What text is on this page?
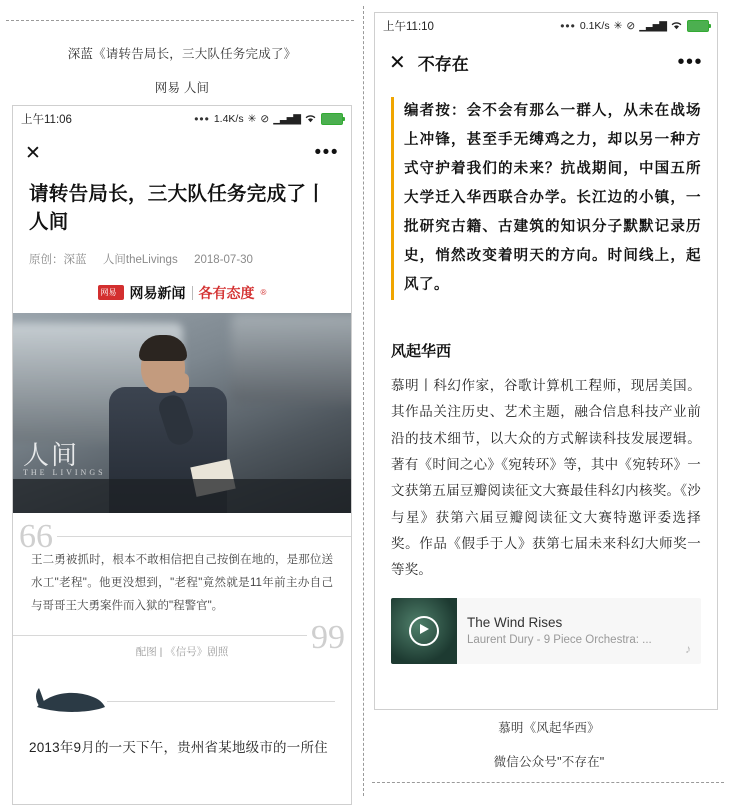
深蓝《请转告局长，三大队任务完成了》
网易 人间
上午11:06	••• 1.4K/s ✳ ⊘ ▁▃▅▇
✕	•••
请转告局长，三大队任务完成了丨人间
原创：深蓝 人间theLivings 2018-07-30
网易
网易新闻 各有态度 ®
人间
THE LIVINGS
66
王二勇被抓时，根本不敢相信把自己按倒在地的，是那位送水工"老程"。他更没想到，"老程"竟然就是11年前主办自己与哥哥王大勇案件而入狱的"程警官"。
99
配图 | 《信号》剧照
2013年9月的一天下午，贵州省某地级市的一所住
上午11:10	••• 0.1K/s ✳ ⊘ ▁▃▅▇
✕ 不存在	•••
编者按：会不会有那么一群人，从未在战场上冲锋，甚至手无缚鸡之力，却以另一种方式守护着我们的未来？抗战期间，中国五所大学迁入华西联合办学。长江边的小镇，一批研究古籍、古建筑的知识分子默默记录历史，悄然改变着明天的方向。时间线上，起风了。
风起华西
慕明丨科幻作家，谷歌计算机工程师，现居美国。其作品关注历史、艺术主题，融合信息科技产业前沿的技术细节，以大众的方式解读科技发展逻辑。著有《时间之心》《宛转环》等，其中《宛转环》一文获第五届豆瓣阅读征文大赛最佳科幻内核奖。《沙与星》获第六届豆瓣阅读征文大赛特邀评委选择奖。作品《假手于人》获第七届未来科幻大师奖一等奖。
The Wind Rises
Laurent Dury - 9 Piece Orchestra: ...
♪
慕明《风起华西》
微信公众号"不存在"
